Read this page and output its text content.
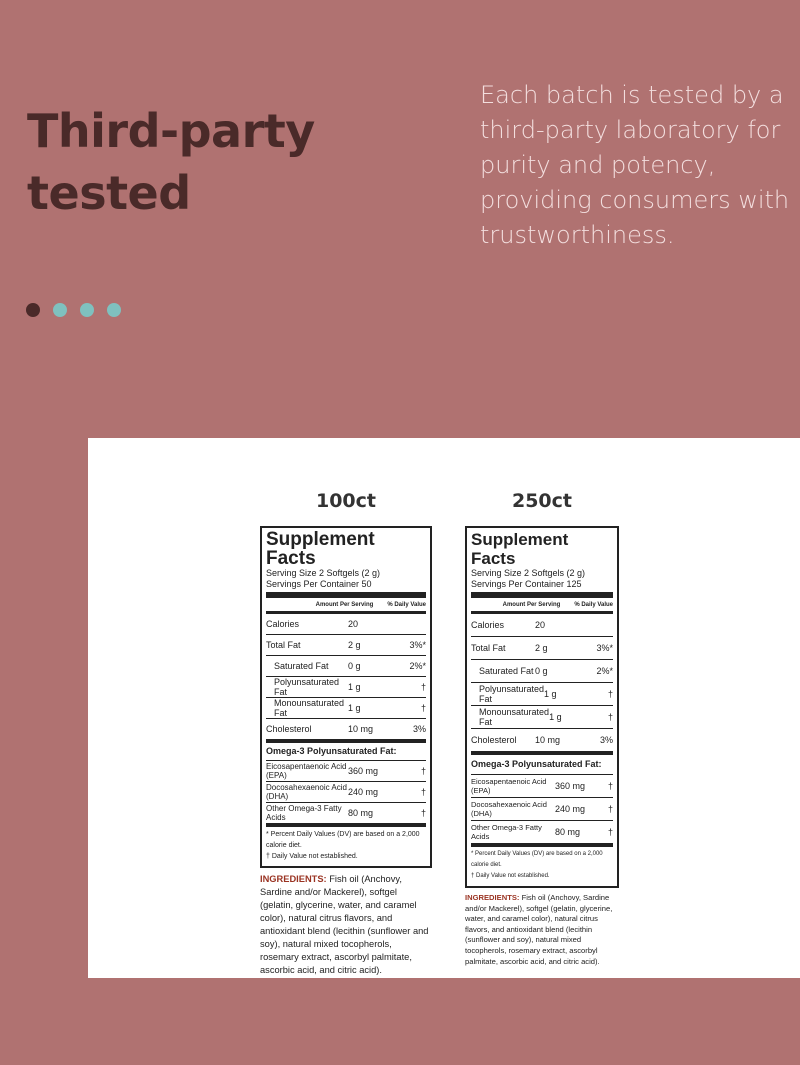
Third-party
tested
Each batch is tested by a third-party laboratory for purity and potency, providing consumers with trustworthiness.
100ct
Supplement Facts
Serving Size 2 Softgels (2 g)
Servings Per Container 50
Amount Per Serving % Daily Value
Calories	20
Total Fat	2 g	3%*
Saturated Fat	0 g	2%*
Polyunsaturated Fat	1 g	†
Monounsaturated Fat	1 g	†
Cholesterol	10 mg	3%
Omega-3 Polyunsaturated Fat:
Eicosapentaenoic Acid (EPA)	360 mg	†
Docosahexaenoic Acid (DHA)	240 mg	†
Other Omega-3 Fatty Acids	80 mg	†
* Percent Daily Values (DV) are based on a 2,000 calorie diet.
† Daily Value not established.
INGREDIENTS: Fish oil (Anchovy, Sardine and/or Mackerel), softgel (gelatin, glycerine, water, and caramel color), natural citrus flavors, and antioxidant blend (lecithin (sunflower and soy), natural mixed tocopherols, rosemary extract, ascorbyl palmitate, ascorbic acid, and citric acid).
250ct
Supplement Facts
Serving Size 2 Softgels (2 g)
Servings Per Container 125
Amount Per Serving % Daily Value
Calories	20
Total Fat	2 g	3%*
Saturated Fat 0 g	2%*
Polyunsaturated Fat	1 g	†
Monounsaturated Fat	1 g	†
Cholesterol	10 mg	3%
Omega-3 Polyunsaturated Fat:
Eicosapentaenoic Acid (EPA)	360 mg	†
Docosahexaenoic Acid (DHA)	240 mg	†
Other Omega-3 Fatty Acids	80 mg	†
* Percent Daily Values (DV) are based on a 2,000 calorie diet.
† Daily Value not established.
INGREDIENTS: Fish oil (Anchovy, Sardine and/or Mackerel), softgel (gelatin, glycerine, water, and caramel color), natural citrus flavors, and antioxidant blend (lecithin (sunflower and soy), natural mixed tocopherols, rosemary extract, ascorbyl palmitate, ascorbic acid, and citric acid).
